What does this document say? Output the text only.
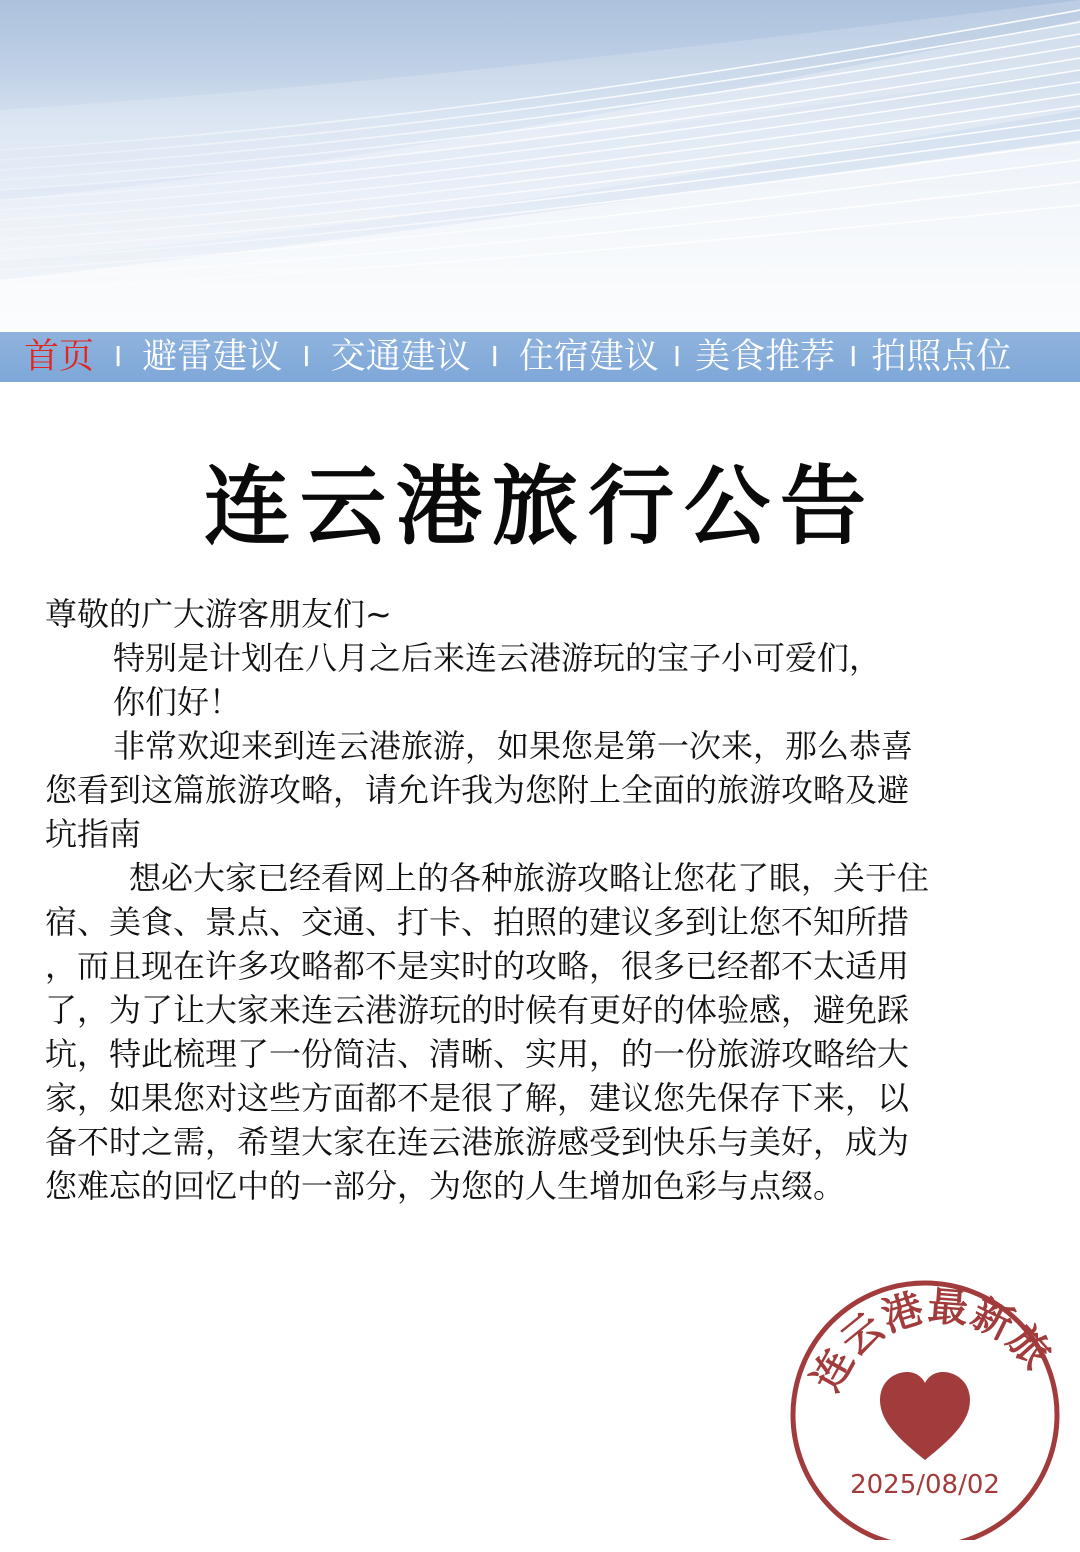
首页 I 避雷建议 I 交通建议 I 住宿建议 I 美食推荐 I 拍照点位
连云港旅行公告
尊敬的广大游客朋友们~
特别是计划在八月之后来连云港游玩的宝子小可爱们，
你们好！
非常欢迎来到连云港旅游，如果您是第一次来，那么恭喜
您看到这篇旅游攻略，请允许我为您附上全面的旅游攻略及避
坑指南
想必大家已经看网上的各种旅游攻略让您花了眼，关于住
宿、美食、景点、交通、打卡、拍照的建议多到让您不知所措
，而且现在许多攻略都不是实时的攻略，很多已经都不太适用
了，为了让大家来连云港游玩的时候有更好的体验感，避免踩
坑，特此梳理了一份简洁、清晰、实用，的一份旅游攻略给大
家，如果您对这些方面都不是很了解，建议您先保存下来，以
备不时之需，希望大家在连云港旅游感受到快乐与美好，成为
您难忘的回忆中的一部分，为您的人生增加色彩与点缀。
连云港最新旅
2025/08/02
